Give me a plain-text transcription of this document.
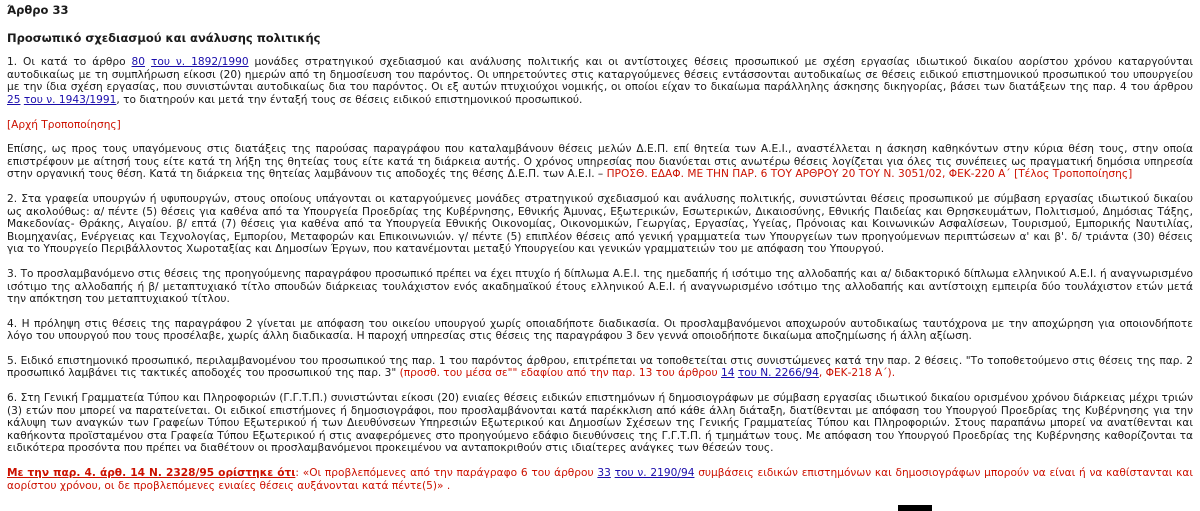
Άρθρο 33
Προσωπικό σχεδιασμού και ανάλυσης πολιτικής

1. Οι κατά το άρθρο 80 του ν. 1892/1990 μονάδες στρατηγικού σχεδιασμού και ανάλυσης πολιτικής και οι αντίστοιχες θέσεις προσωπικού με σχέση εργασίας ιδιωτικού δικαίου αορίστου χρόνου καταργούνται αυτοδικαίως με τη συμπλήρωση είκοσι (20) ημερών από τη δημοσίευση του παρόντος. Οι υπηρετούντες στις καταργούμενες θέσεις εντάσσονται αυτοδικαίως σε θέσεις ειδικού επιστημονικού προσωπικού του υπουργείου με την ίδια σχέση εργασίας, που συνιστώνται αυτοδικαίως δια του παρόντος. Οι εξ αυτών πτυχιούχοι νομικής, οι οποίοι είχαν το δικαίωμα παράλληλης άσκησης δικηγορίας, βάσει των διατάξεων της παρ. 4 του άρθρου 25 του ν. 1943/1991, το διατηρούν και μετά την ένταξή τους σε θέσεις ειδικού επιστημονικού προσωπικού.

[Αρχή Τροποποίησης]

Επίσης, ως προς τους υπαγόμενους στις διατάξεις της παρούσας παραγράφου που καταλαμβάνουν θέσεις μελών Δ.Ε.Π. επί θητεία των Α.Ε.Ι., αναστέλλεται η άσκηση καθηκόντων στην κύρια θέση τους, στην οποία επιστρέφουν με αίτησή τους είτε κατά τη λήξη της θητείας τους είτε κατά τη διάρκεια αυτής. Ο χρόνος υπηρεσίας που διανύεται στις ανωτέρω θέσεις λογίζεται για όλες τις συνέπειες ως πραγματική δημόσια υπηρεσία στην οργανική τους θέση. Κατά τη διάρκεια της θητείας λαμβάνουν τις αποδοχές της θέσης Δ.Ε.Π. των Α.Ε.Ι. – ΠΡΟΣΘ. ΕΔΑΦ. ΜΕ ΤΗΝ ΠΑΡ. 6 ΤΟΥ ΑΡΘΡΟΥ 20 ΤΟΥ Ν. 3051/02, ΦΕΚ-220 Α΄ [Τέλος Τροποποίησης]

2. Στα γραφεία υπουργών ή υφυπουργών, στους οποίους υπάγονται οι καταργούμενες μονάδες στρατηγικού σχεδιασμού και ανάλυσης πολιτικής, συνιστώνται θέσεις προσωπικού με σύμβαση εργασίας ιδιωτικού δικαίου ως ακολούθως: α/ πέντε (5) θέσεις για καθένα από τα Υπουργεία Προεδρίας της Κυβέρνησης, Εθνικής Άμυνας, Εξωτερικών, Εσωτερικών, Δικαιοσύνης, Εθνικής Παιδείας και Θρησκευμάτων, Πολιτισμού, Δημόσιας Τάξης, Μακεδονίας- Θράκης, Αιγαίου. β/ επτά (7) θέσεις για καθένα από τα Υπουργεία Εθνικής Οικονομίας, Οικονομικών, Γεωργίας, Εργασίας, Υγείας, Πρόνοιας και Κοινωνικών Ασφαλίσεων, Τουρισμού, Εμπορικής Ναυτιλίας, Βιομηχανίας, Ενέργειας και Τεχνολογίας, Εμπορίου, Μεταφορών και Επικοινωνιών. γ/ πέντε (5) επιπλέον θέσεις από γενική γραμματεία των Υπουργείων των προηγούμενων περιπτώσεων α' και β'. δ/ τριάντα (30) θέσεις για το Υπουργείο Περιβάλλοντος Χωροταξίας και Δημοσίων Έργων, που κατανέμονται μεταξύ Υπουργείου και γενικών γραμματειών του με απόφαση του Υπουργού.

3. Το προσλαμβανόμενο στις θέσεις της προηγούμενης παραγράφου προσωπικό πρέπει να έχει πτυχίο ή δίπλωμα Α.Ε.Ι. της ημεδαπής ή ισότιμο της αλλοδαπής και α/ διδακτορικό δίπλωμα ελληνικού Α.Ε.Ι. ή αναγνωρισμένο ισότιμο της αλλοδαπής ή β/ μεταπτυχιακό τίτλο σπουδών διάρκειας τουλάχιστον ενός ακαδημαϊκού έτους ελληνικού Α.Ε.Ι. ή αναγνωρισμένο ισότιμο της αλλοδαπής και αντίστοιχη εμπειρία δύο τουλάχιστον ετών μετά την απόκτηση του μεταπτυχιακού τίτλου.

4. Η πρόληψη στις θέσεις της παραγράφου 2 γίνεται με απόφαση του οικείου υπουργού χωρίς οποιαδήποτε διαδικασία. Οι προσλαμβανόμενοι αποχωρούν αυτοδικαίως ταυτόχρονα με την αποχώρηση για οποιονδήποτε λόγο του υπουργού που τους προσέλαβε, χωρίς άλλη διαδικασία. Η παροχή υπηρεσίας στις θέσεις της παραγράφου 3 δεν γεννά οποιοδήποτε δικαίωμα αποζημίωσης ή άλλη αξίωση.

5. Ειδικό επιστημονικό προσωπικό, περιλαμβανομένου του προσωπικού της παρ. 1 του παρόντος άρθρου, επιτρέπεται να τοποθετείται στις συνιστώμενες κατά την παρ. 2 θέσεις. "Το τοποθετούμενο στις θέσεις της παρ. 2 προσωπικό λαμβάνει τις τακτικές αποδοχές του προσωπικού της παρ. 3" (προσθ. του μέσα σε"" εδαφίου από την παρ. 13 του άρθρου 14 του Ν. 2266/94, ΦΕΚ-218 Α΄).

6. Στη Γενική Γραμματεία Τύπου και Πληροφοριών (Γ.Γ.Τ.Π.) συνιστώνται είκοσι (20) ενιαίες θέσεις ειδικών επιστημόνων ή δημοσιογράφων με σύμβαση εργασίας ιδιωτικού δικαίου ορισμένου χρόνου διάρκειας μέχρι τριών (3) ετών που μπορεί να παρατείνεται. Οι ειδικοί επιστήμονες ή δημοσιογράφοι, που προσλαμβάνονται κατά παρέκκλιση από κάθε άλλη διάταξη, διατίθενται με απόφαση του Υπουργού Προεδρίας της Κυβέρνησης για την κάλυψη των αναγκών των Γραφείων Τύπου Εξωτερικού ή των Διευθύνσεων Υπηρεσιών Εξωτερικού και Δημοσίων Σχέσεων της Γενικής Γραμματείας Τύπου και Πληροφοριών. Στους παραπάνω μπορεί να ανατίθενται και καθήκοντα προϊσταμένου στα Γραφεία Τύπου Εξωτερικού ή στις αναφερόμενες στο προηγούμενο εδάφιο διευθύνσεις της Γ.Γ.Τ.Π. ή τμημάτων τους. Με απόφαση του Υπουργού Προεδρίας της Κυβέρνησης καθορίζονται τα ειδικότερα προσόντα που πρέπει να διαθέτουν οι προσλαμβανόμενοι προκειμένου να ανταποκριθούν στις ιδιαίτερες ανάγκες των θέσεών τους.

Με την παρ. 4. άρθ. 14 Ν. 2328/95 ορίστηκε ότι: «Οι προβλεπόμενες από την παράγραφο 6 του άρθρου 33 του ν. 2190/94 συμβάσεις ειδικών επιστημόνων και δημοσιογράφων μπορούν να είναι ή να καθίστανται και αορίστου χρόνου, οι δε προβλεπόμενες ενιαίες θέσεις αυξάνονται κατά πέντε(5)» .
